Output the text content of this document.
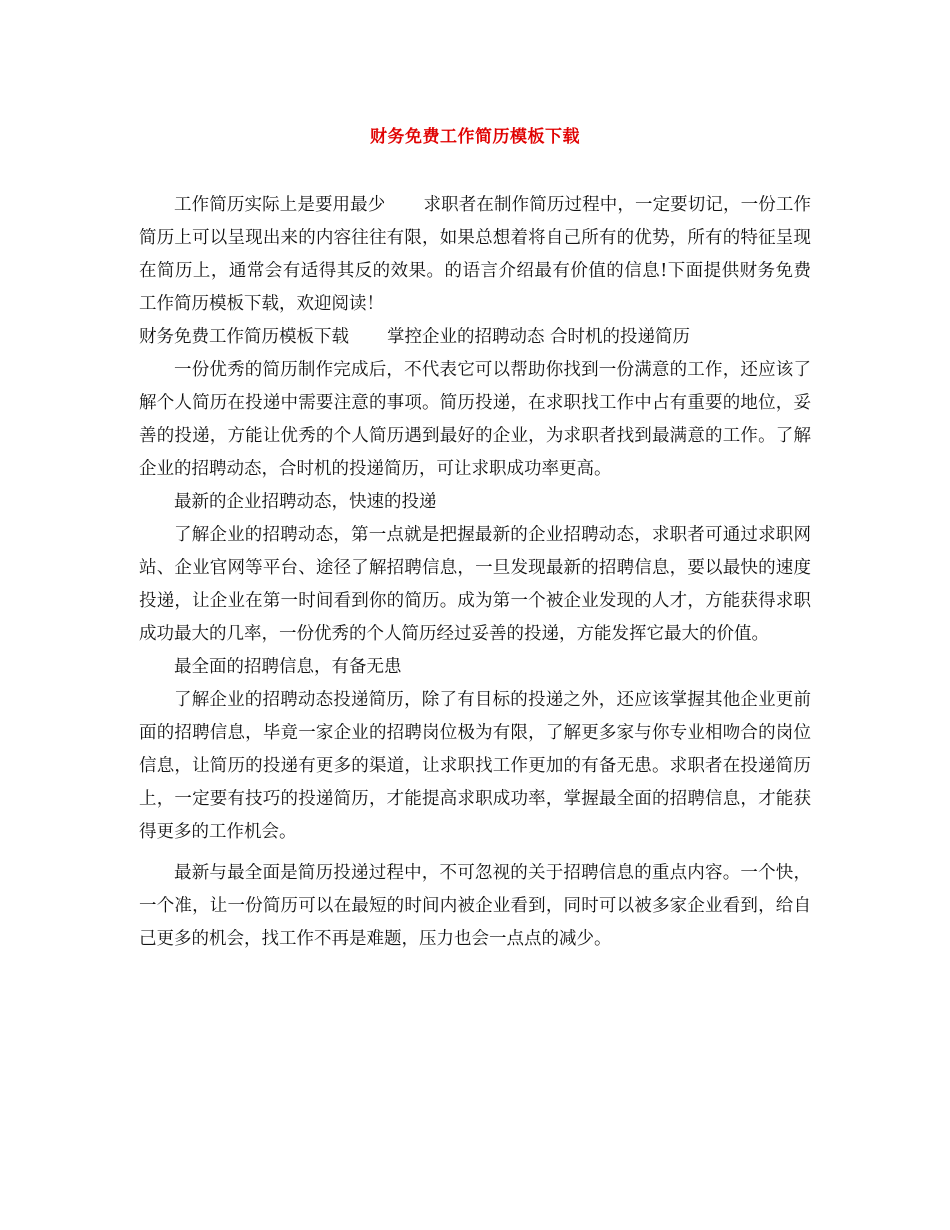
财务免费工作简历模板下载

工作简历实际上是要用最少 求职者在制作简历过程中，一定要切记，一份工作简历上可以呈现出来的内容往往有限，如果总想着将自己所有的优势，所有的特征呈现在简历上，通常会有适得其反的效果。的语言介绍最有价值的信息!下面提供财务免费工作简历模板下载，欢迎阅读！

财务免费工作简历模板下载 掌控企业的招聘动态 合时机的投递简历

一份优秀的简历制作完成后，不代表它可以帮助你找到一份满意的工作，还应该了解个人简历在投递中需要注意的事项。简历投递，在求职找工作中占有重要的地位，妥善的投递，方能让优秀的个人简历遇到最好的企业，为求职者找到最满意的工作。了解企业的招聘动态，合时机的投递简历，可让求职成功率更高。

最新的企业招聘动态，快速的投递

了解企业的招聘动态，第一点就是把握最新的企业招聘动态，求职者可通过求职网站、企业官网等平台、途径了解招聘信息，一旦发现最新的招聘信息，要以最快的速度投递，让企业在第一时间看到你的简历。成为第一个被企业发现的人才，方能获得求职成功最大的几率，一份优秀的个人简历经过妥善的投递，方能发挥它最大的价值。

最全面的招聘信息，有备无患

了解企业的招聘动态投递简历，除了有目标的投递之外，还应该掌握其他企业更前面的招聘信息，毕竟一家企业的招聘岗位极为有限，了解更多家与你专业相吻合的岗位信息，让简历的投递有更多的渠道，让求职找工作更加的有备无患。求职者在投递简历上，一定要有技巧的投递简历，才能提高求职成功率，掌握最全面的招聘信息，才能获得更多的工作机会。

最新与最全面是简历投递过程中，不可忽视的关于招聘信息的重点内容。一个快，一个准，让一份简历可以在最短的时间内被企业看到，同时可以被多家企业看到，给自己更多的机会，找工作不再是难题，压力也会一点点的减少。
